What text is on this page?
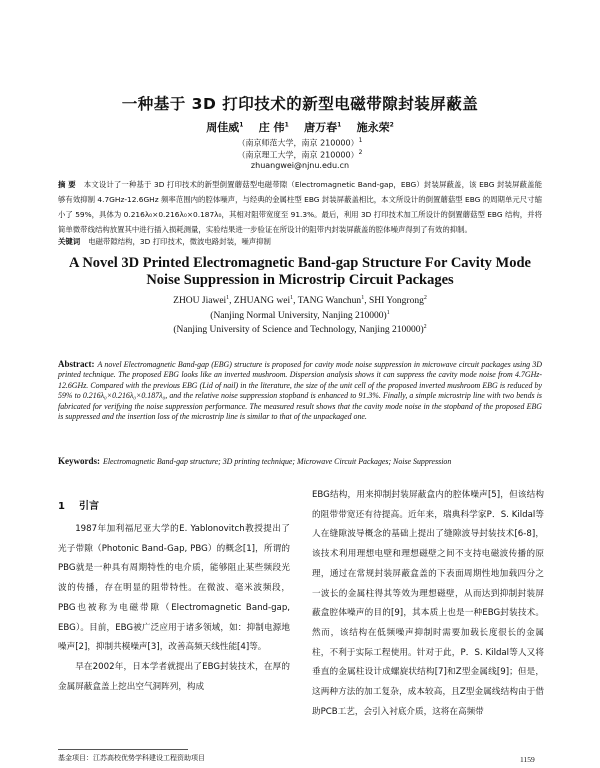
一种基于 3D 打印技术的新型电磁带隙封装屏蔽盖
周佳威$^1$ 庄 伟$^1$ 唐万春$^1$ 施永荣$^2$
（南京师范大学，南京 210000）$^1$
（南京理工大学，南京 210000）$^2$
zhuangwei@njnu.edu.cn
摘 要 本文设计了一种基于 3D 打印技术的新型倒置蘑菇型电磁带隙（Electromagnetic Band-gap，EBG）封装屏蔽盖，该 EBG 封装屏蔽盖能够有效抑制 4.7GHz-12.6GHz 频率范围内的腔体噪声，与经典的金属柱型 EBG 封装屏蔽盖相比，本文所设计的倒置蘑菇型 EBG 的周期单元尺寸缩小了 59%，具体为 0.216λ₀×0.216λ₀×0.187λ₀，其相对阻带宽度至 91.3%。最后，利用 3D 打印技术加工所设计的倒置蘑菇型 EBG 结构，并将简单微带线结构放置其中进行插入损耗测量，实验结果进一步验证在所设计的阻带内封装屏蔽盖的腔体噪声得到了有效的抑制。
关键词 电磁带隙结构，3D 打印技术，微波电路封装，噪声抑制
A Novel 3D Printed Electromagnetic Band-gap Structure For Cavity Mode
Noise Suppression in Microstrip Circuit Packages
ZHOU Jiawei$^1$, ZHUANG wei$^1$, TANG Wanchun$^1$, SHI Yongrong$^2$
(Nanjing Normal University, Nanjing 210000)$^1$
(Nanjing University of Science and Technology, Nanjing 210000)$^2$
Abstract: A novel Electromagnetic Band-gap (EBG) structure is proposed for cavity mode noise suppression in microwave circuit packages using 3D printed technique. The proposed EBG looks like an inverted mushroom. Dispersion analysis shows it can suppress the cavity mode noise from 4.7GHz-12.6GHz. Compared with the previous EBG (Lid of nail) in the literature, the size of the unit cell of the proposed inverted mushroom EBG is reduced by 59% to 0.216λ₀×0.216λ₀×0.187λ₀, and the relative noise suppression stopband is enhanced to 91.3%. Finally, a simple microstrip line with two bends is fabricated for verifying the noise suppression performance. The measured result shows that the cavity mode noise in the stopband of the proposed EBG is suppressed and the insertion loss of the microstrip line is similar to that of the unpackaged one.
Keywords: Electromagnetic Band-gap structure; 3D printing technique; Microwave Circuit Packages; Noise Suppression
1 引言

1987年加利福尼亚大学的E. Yablonovitch教授提出了光子带隙（Photonic Band-Gap, PBG）的概念[1]，所谓的PBG就是一种具有周期特性的电介质，能够阻止某些频段光波的传播，存在明显的阻带特性。在微波、毫米波频段，PBG也被称为电磁带隙（Electromagnetic Band-gap, EBG）。目前，EBG被广泛应用于诸多领域，如：抑制电源地噪声[2]，抑制共模噪声[3]，改善高频天线性能[4]等。

早在2002年，日本学者就提出了EBG封装技术，在厚的金属屏蔽盒盖上挖出空气洞阵列，构成

EBG结构，用来抑制封装屏蔽盒内的腔体噪声[5]，但该结构的阻带带宽还有待提高。近年来，瑞典科学家P．S. Kildal等人在缝隙波导概念的基础上提出了缝隙波导封装技术[6-8]，该技术利用理想电壁和理想磁壁之间不支持电磁波传播的原理，通过在常规封装屏蔽盒盖的下表面周期性地加载四分之一波长的金属柱得其等效为理想磁壁，从而达到抑制封装屏蔽盒腔体噪声的目的[9]，其本质上也是一种EBG封装技术。然而，该结构在低频噪声抑制时需要加载长度很长的金属柱，不利于实际工程使用。针对于此，P．S. Kildal等人又将垂直的金属柱设计成螺旋状结构[7]和Z型金属线[9]；但是，这两种方法的加工复杂，成本较高，且Z型金属线结构由于借助PCB工艺，会引入衬底介质，这将在高频带

基金项目：江苏高校优势学科建设工程资助项目	1159
